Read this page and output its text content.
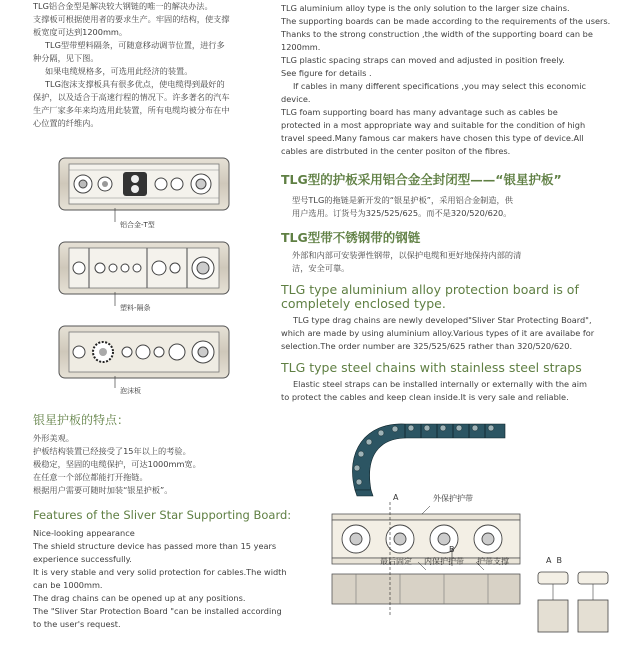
TLG铝合金型是解决较大钢链的唯一的解决办法。
支撑板可根据使用者的要求生产。牢固的结构，使支撑
板宽度可达到1200mm。
TLG型带塑料隔条，可随意移动调节位置，进行多
种分隔，见下图。
如果电缆规格多，可选用此经济的装置。
TLG泡沫支撑板具有很多优点，使电缆得到最好的
保护，以及适合于高速行程的情况下。许多著名的汽车
生产厂家多年来均选用此装置，所有电缆均被分布在中
心位置的纤维内。
铝合金-T型
塑料-隔条
泡沫板
银星护板的特点：
外形美观。
护板结构装置已经接受了15年以上的考验。
极稳定，坚固的电缆保护，可达1000mm宽。
在任意一个部位都能打开拖链。
根据用户需要可随时加装“银星护板”。
Features of the Sliver Star Supporting Board:
Nice-looking appearance
The shield structure device has passed more than 15 years
experience successfully.
It is very stable and very solid protection for cables.The width
can be 1000mm.
The drag chains can be opened up at any positions.
The "Sliver Star Protection Board "can be installed according
to the user's request.
TLG aluminium alloy type is the only solution to the larger size chains.
The supporting boards can be made according to the requirements of the users.
Thanks to the strong construction ,the width of the supporting board can be
1200mm.
TLG plastic spacing straps can moved and adjusted in position freely.
See figure for details .
If cables in many different specifications ,you may select this economic
device.
TLG foam supporting board has many advantage such as cables be
protected in a most appropriate way and suitable for the condition of high
travel speed.Many famous car makers have chosen this type of device.All
cables are distrbuted in the center positon of the fibres.
TLG型的护板采用铝合金全封闭型——“银星护板”
型号TLG的拖链是新开发的“银星护板”，采用铝合金制造，供
用户选用。订货号为325/525/625。而不是320/520/620。
TLG型带不锈钢带的钢链
外部和内部可安装弹性钢带，以保护电缆和更好地保持内部的清
洁，安全可靠。
TLG type aluminium alloy protection board is of
completely enclosed type.
TLG type drag chains are newly developed"Sliver Star Protecting Board",
which are made by using aluminium alloy.Various types of it are availabe for
selection.The order number are 325/525/625 rather than 320/520/620.
TLG type steel chains with stainless steel straps
Elastic steel straps can be installed internally or externally with the aim
to protect the cables and keep clean inside.It is very sale and reliable.
A	外保护护带
B
最后固定 内保护护带 护带支撑	A  B
